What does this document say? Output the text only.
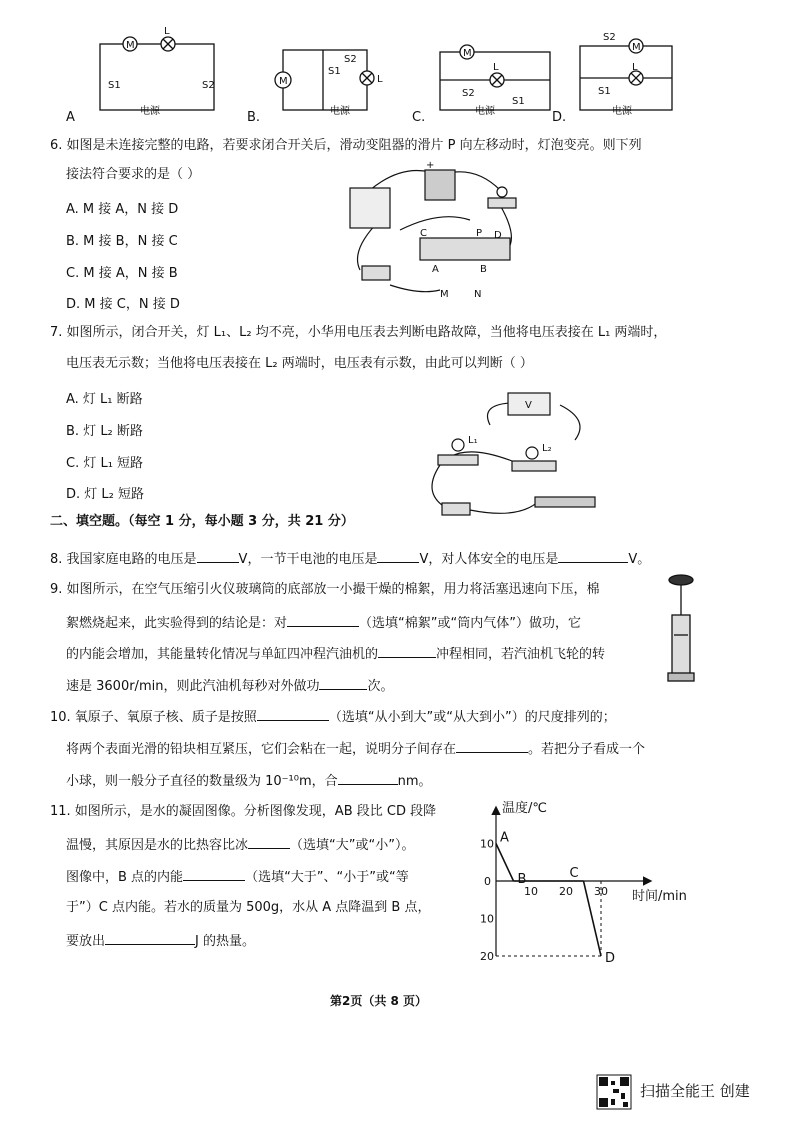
M
L
S1	S2
电源
M	L
S1
S2
电源
M
L
S2
S1
电源
M
L
S2
S1
电源
A	B.	C.	D.
6. 如图是未连接完整的电路，若要求闭合开关后，滑动变阻器的滑片 P 向左移动时，灯泡变亮。则下列
接法符合要求的是（ ）
A. M 接 A，N 接 D
B. M 接 B，N 接 C
C. M 接 A，N 接 B
D. M 接 C，N 接 D
+
C	P D
A	B
M	N
7. 如图所示，闭合开关，灯 L₁、L₂ 均不亮，小华用电压表去判断电路故障，当他将电压表接在 L₁ 两端时，
电压表无示数；当他将电压表接在 L₂ 两端时，电压表有示数，由此可以判断（ ）
A. 灯 L₁ 断路
B. 灯 L₂ 断路
C. 灯 L₁ 短路
D. 灯 L₂ 短路
L₁
L₂
V
二、填空题。（每空 1 分，每小题 3 分，共 21 分）
8. 我国家庭电路的电压是	V，一节干电池的电压是	V，对人体安全的电压是	V。
9. 如图所示，在空气压缩引火仪玻璃筒的底部放一小撮干燥的棉絮，用力将活塞迅速向下压，棉
絮燃烧起来，此实验得到的结论是：对	（选填“棉絮”或“筒内气体”）做功，它
的内能会增加，其能量转化情况与单缸四冲程汽油机的	冲程相同，若汽油机飞轮的转
速是 3600r/min，则此汽油机每秒对外做功	次。
10. 氧原子、氧原子核、质子是按照	（选填“从小到大”或“从大到小”）的尺度排列的；
将两个表面光滑的铅块相互紧压，它们会粘在一起，说明分子间存在	。若把分子看成一个
小球，则一般分子直径的数量级为 10⁻¹⁰m，合	nm。
11. 如图所示，是水的凝固图像。分析图像发现，AB 段比 CD 段降
温慢，其原因是水的比热容比冰	（选填“大”或“小”）。
图像中，B 点的内能	（选填“大于”、“小于”或“等
于”）C 点内能。若水的质量为 500g，水从 A 点降温到 B 点，
要放出	J 的热量。
A
B	C
D
10 20 30
10
10
20
0
温度/℃
时间/min
第2页（共 8 页）
扫描全能王 创建
